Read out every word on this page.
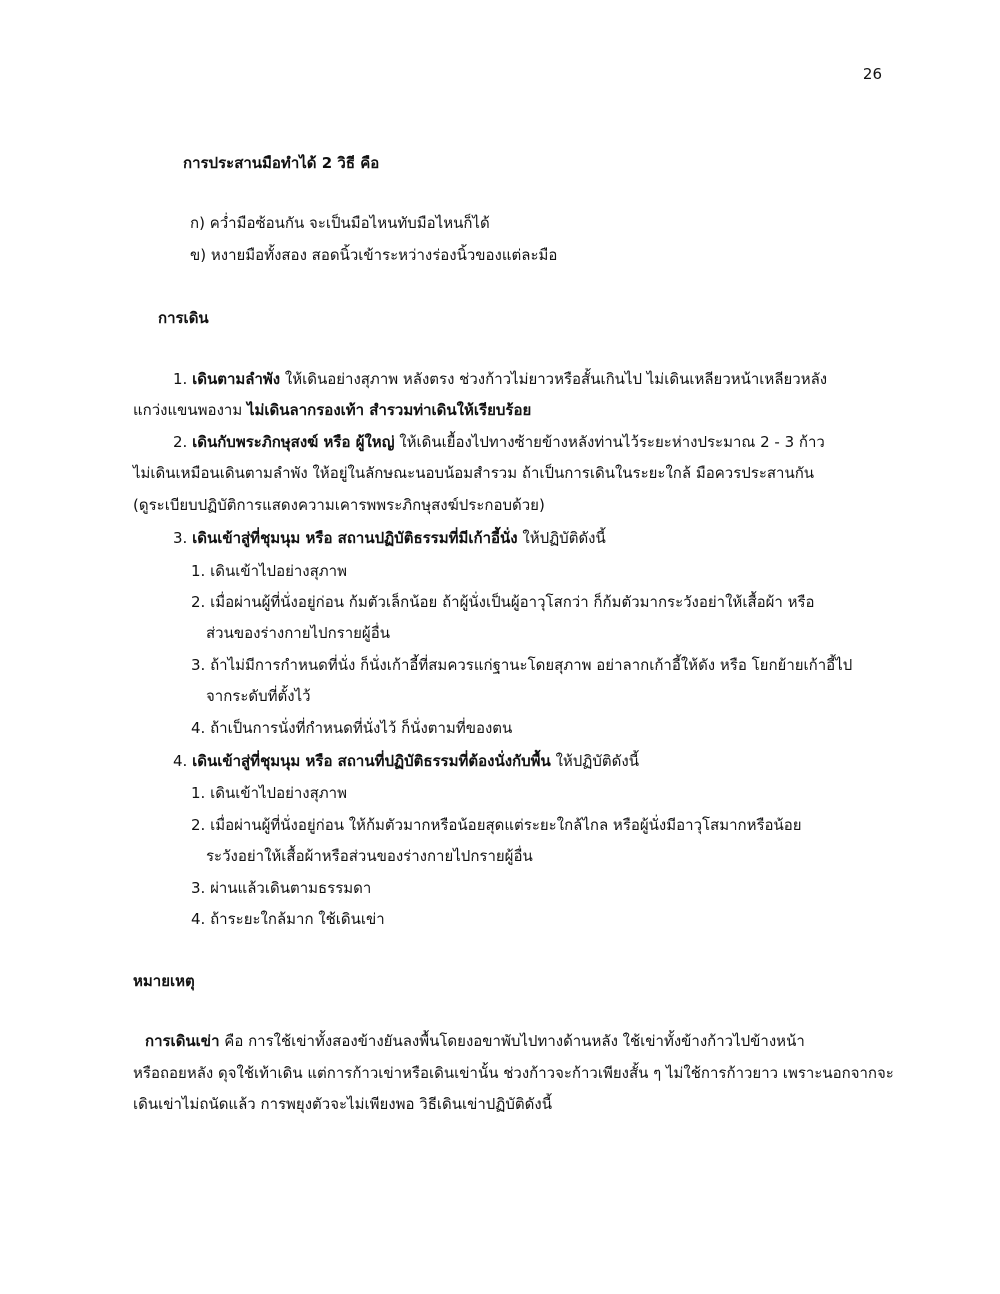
26
การประสานมือทำได้ 2 วิธี คือ
ก) คว่ำมือซ้อนกัน จะเป็นมือไหนทับมือไหนก็ได้
ข) หงายมือทั้งสอง สอดนิ้วเข้าระหว่างร่องนิ้วของแต่ละมือ
การเดิน
1. เดินตามลำพัง ให้เดินอย่างสุภาพ หลังตรง ช่วงก้าวไม่ยาวหรือสั้นเกินไป ไม่เดินเหลียวหน้าเหลียวหลัง
แกว่งแขนพองาม ไม่เดินลากรองเท้า สำรวมท่าเดินให้เรียบร้อย
2. เดินกับพระภิกษุสงฆ์ หรือ ผู้ใหญ่ ให้เดินเยื้องไปทางซ้ายข้างหลังท่านไว้ระยะห่างประมาณ 2 - 3 ก้าว
ไม่เดินเหมือนเดินตามลำพัง ให้อยู่ในลักษณะนอบน้อมสำรวม ถ้าเป็นการเดินในระยะใกล้ มือควรประสานกัน
(ดูระเบียบปฏิบัติการแสดงความเคารพพระภิกษุสงฆ์ประกอบด้วย)
3. เดินเข้าสู่ที่ชุมนุม หรือ สถานปฏิบัติธรรมที่มีเก้าอี้นั่ง ให้ปฏิบัติดังนี้
1. เดินเข้าไปอย่างสุภาพ
2. เมื่อผ่านผู้ที่นั่งอยู่ก่อน ก้มตัวเล็กน้อย ถ้าผู้นั่งเป็นผู้อาวุโสกว่า ก็ก้มตัวมากระวังอย่าให้เสื้อผ้า หรือ
ส่วนของร่างกายไปกรายผู้อื่น
3. ถ้าไม่มีการกำหนดที่นั่ง ก็นั่งเก้าอี้ที่สมควรแก่ฐานะโดยสุภาพ อย่าลากเก้าอี้ให้ดัง หรือ โยกย้ายเก้าอี้ไป
จากระดับที่ตั้งไว้
4. ถ้าเป็นการนั่งที่กำหนดที่นั่งไว้ ก็นั่งตามที่ของตน
4. เดินเข้าสู่ที่ชุมนุม หรือ สถานที่ปฏิบัติธรรมที่ต้องนั่งกับพื้น ให้ปฏิบัติดังนี้
1. เดินเข้าไปอย่างสุภาพ
2. เมื่อผ่านผู้ที่นั่งอยู่ก่อน ให้ก้มตัวมากหรือน้อยสุดแต่ระยะใกล้ไกล หรือผู้นั่งมีอาวุโสมากหรือน้อย
ระวังอย่าให้เสื้อผ้าหรือส่วนของร่างกายไปกรายผู้อื่น
3. ผ่านแล้วเดินตามธรรมดา
4. ถ้าระยะใกล้มาก ใช้เดินเข่า
หมายเหตุ
การเดินเข่า คือ การใช้เข่าทั้งสองข้างยันลงพื้นโดยงอขาพับไปทางด้านหลัง ใช้เข่าทั้งข้างก้าวไปข้างหน้า
หรือถอยหลัง ดุจใช้เท้าเดิน แต่การก้าวเข่าหรือเดินเข่านั้น ช่วงก้าวจะก้าวเพียงสั้น ๆ ไม่ใช้การก้าวยาว เพราะนอกจากจะ
เดินเข่าไม่ถนัดแล้ว การพยุงตัวจะไม่เพียงพอ วิธีเดินเข่าปฏิบัติดังนี้
